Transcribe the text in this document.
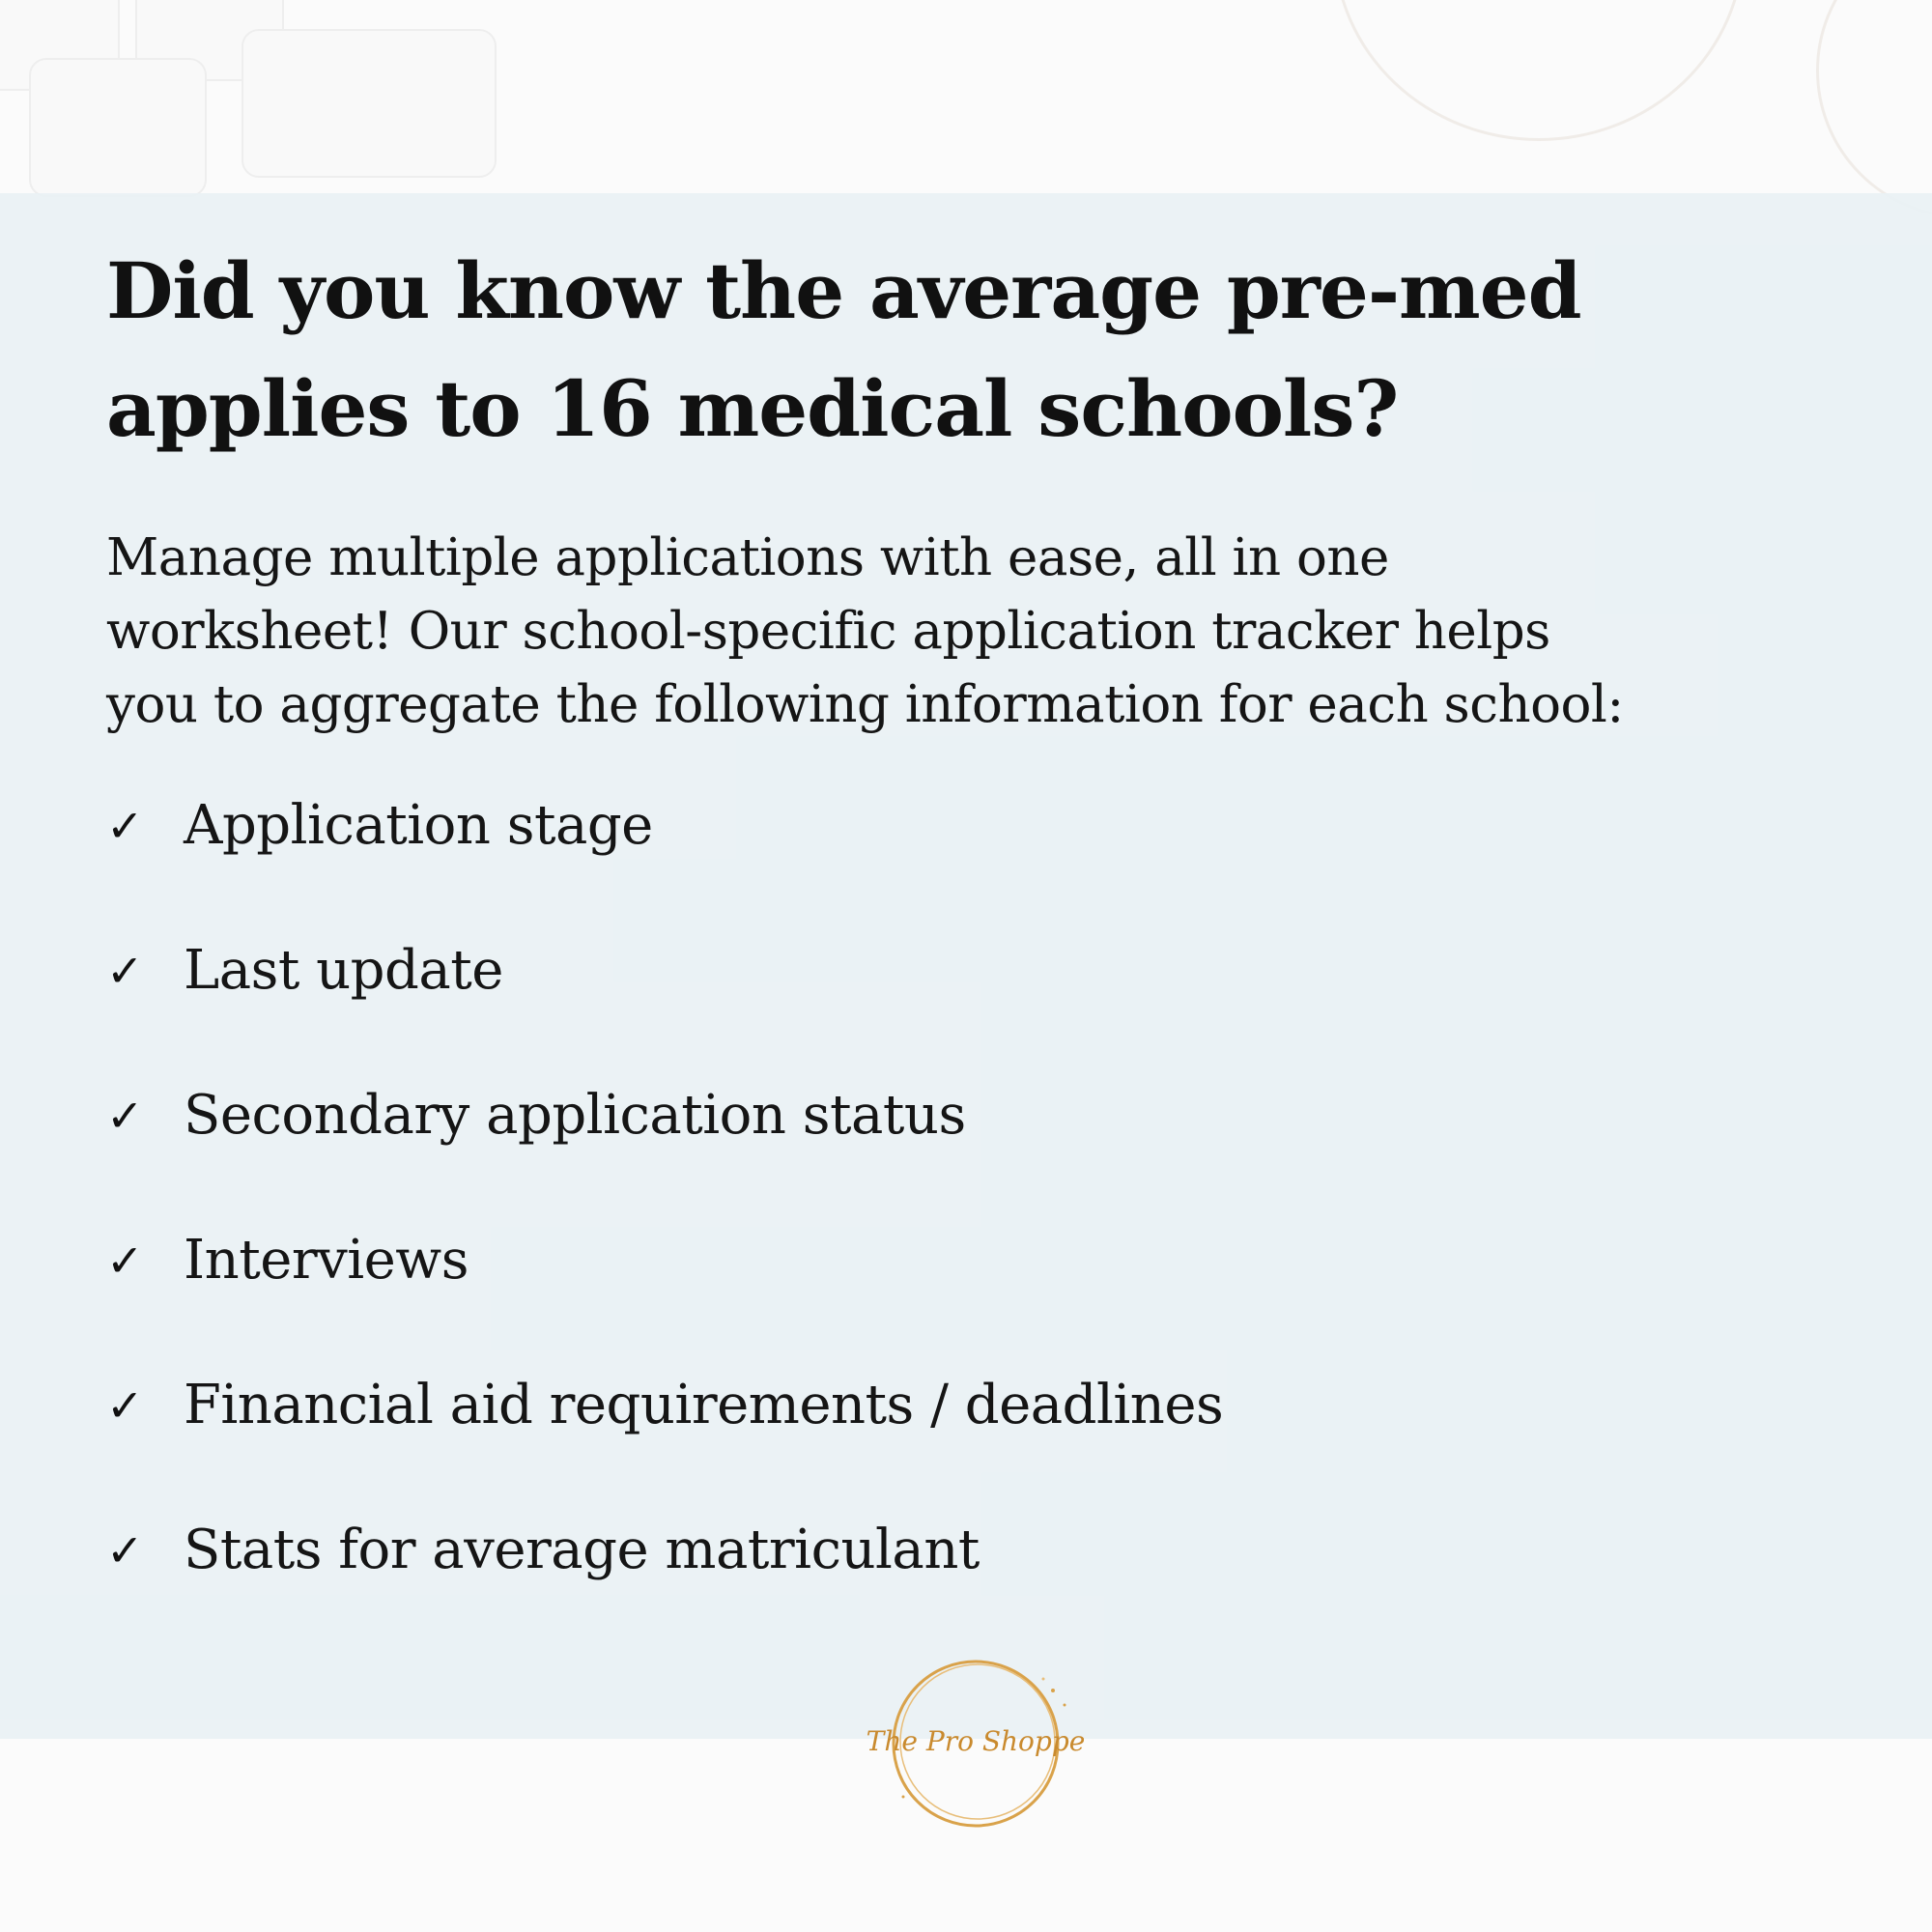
Did you know the average pre-med
applies to 16 medical schools?

Manage multiple applications with ease, all in one
worksheet! Our school-specific application tracker helps
you to aggregate the following information for each school:

✓ Application stage
✓ Last update
✓ Secondary application status
✓ Interviews
✓ Financial aid requirements / deadlines
✓ Stats for average matriculant
The Pro Shoppe
